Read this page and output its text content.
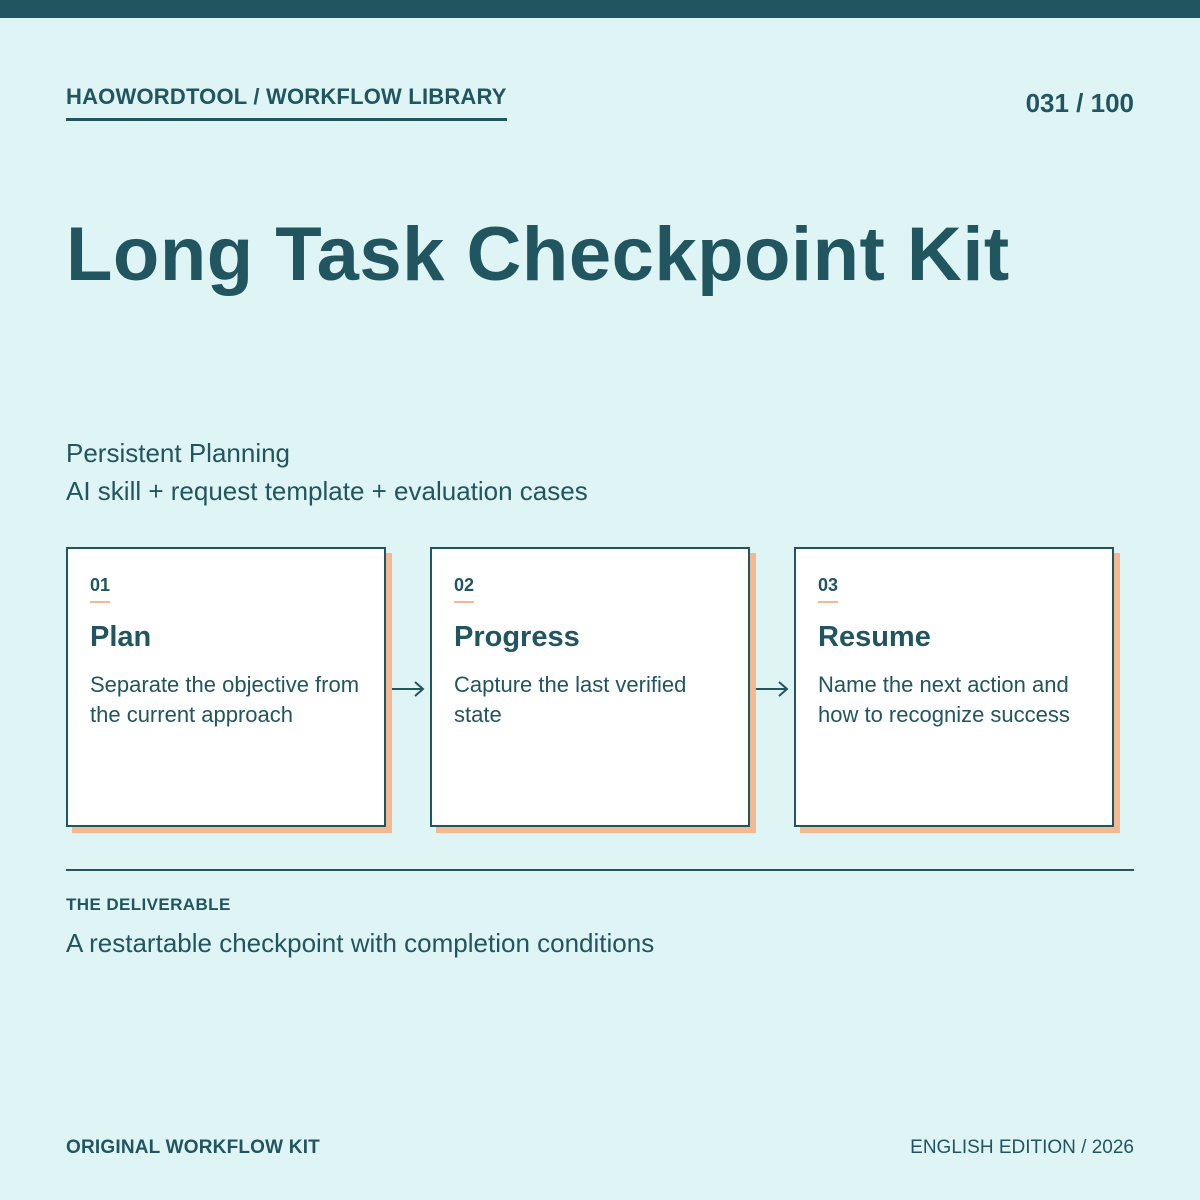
HAOWORDTOOL / WORKFLOW LIBRARY	031 / 100
Long Task Checkpoint Kit
Persistent Planning
AI skill + request template + evaluation cases
01
Plan
Separate the objective from the current approach
02
Progress
Capture the last verified state
03
Resume
Name the next action and how to recognize success
THE DELIVERABLE
A restartable checkpoint with completion conditions
ORIGINAL WORKFLOW KIT	ENGLISH EDITION / 2026
